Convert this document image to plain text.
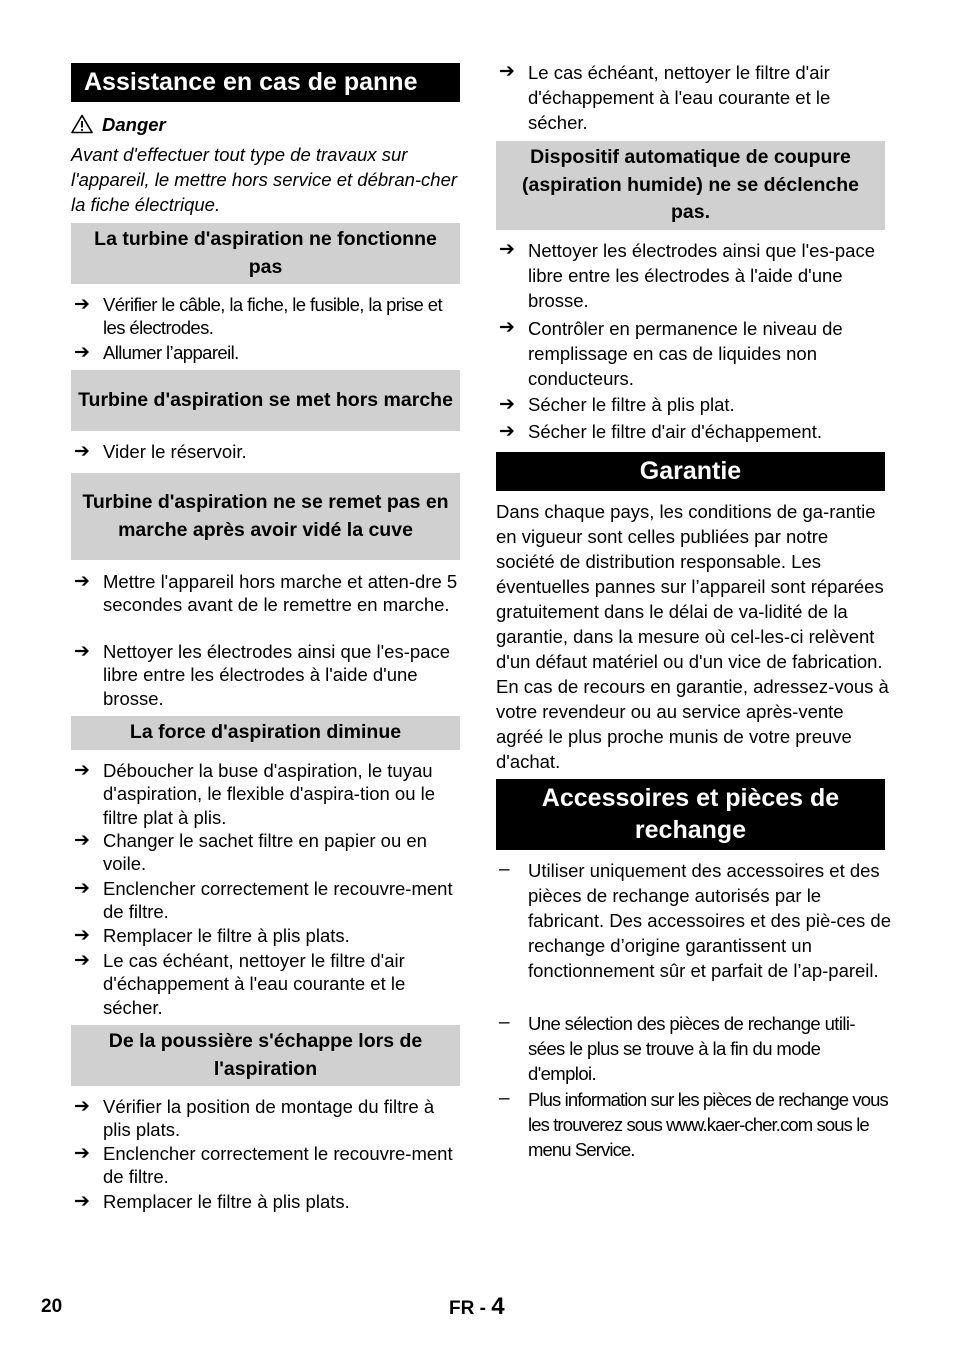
Assistance en cas de panne
Danger
Avant d'effectuer tout type de travaux sur l'appareil, le mettre hors service et débran-cher la fiche électrique.
La turbine d'aspiration ne fonctionne pas
➔ Vérifier le câble, la fiche, le fusible, la prise et les électrodes.
➔ Allumer l’appareil.
Turbine d'aspiration se met hors marche
➔ Vider le réservoir.
Turbine d'aspiration ne se remet pas en marche après avoir vidé la cuve
➔ Mettre l'appareil hors marche et atten-dre 5 secondes avant de le remettre en marche.
➔ Nettoyer les électrodes ainsi que l'es-pace libre entre les électrodes à l'aide d'une brosse.
La force d'aspiration diminue
➔ Déboucher la buse d'aspiration, le tuyau d'aspiration, le flexible d'aspira-tion ou le filtre plat à plis.
➔ Changer le sachet filtre en papier ou en voile.
➔ Enclencher correctement le recouvre-ment de filtre.
➔ Remplacer le filtre à plis plats.
➔ Le cas échéant, nettoyer le filtre d'air d'échappement à l'eau courante et le sécher.
De la poussière s'échappe lors de l'aspiration
➔ Vérifier la position de montage du filtre à plis plats.
➔ Enclencher correctement le recouvre-ment de filtre.
➔ Remplacer le filtre à plis plats.
➔ Le cas échéant, nettoyer le filtre d'air d'échappement à l'eau courante et le sécher.
Dispositif automatique de coupure (aspiration humide) ne se déclenche pas.
➔ Nettoyer les électrodes ainsi que l'es-pace libre entre les électrodes à l'aide d'une brosse.
➔ Contrôler en permanence le niveau de remplissage en cas de liquides non conducteurs.
➔ Sécher le filtre à plis plat.
➔ Sécher le filtre d'air d'échappement.
Garantie
Dans chaque pays, les conditions de ga-rantie en vigueur sont celles publiées par notre société de distribution responsable. Les éventuelles pannes sur l’appareil sont réparées gratuitement dans le délai de va-lidité de la garantie, dans la mesure où cel-les-ci relèvent d'un défaut matériel ou d'un vice de fabrication. En cas de recours en garantie, adressez-vous à votre revendeur ou au service après-vente agréé le plus proche munis de votre preuve d'achat.
Accessoires et pièces de rechange
– Utiliser uniquement des accessoires et des pièces de rechange autorisés par le fabricant. Des accessoires et des piè-ces de rechange d’origine garantissent un fonctionnement sûr et parfait de l’ap-pareil.
– Une sélection des pièces de rechange utili-sées le plus se trouve à la fin du mode d'emploi.
– Plus information sur les pièces de rechange vous les trouverez sous www.kaer-cher.com sous le menu Service.
20	FR - 4
